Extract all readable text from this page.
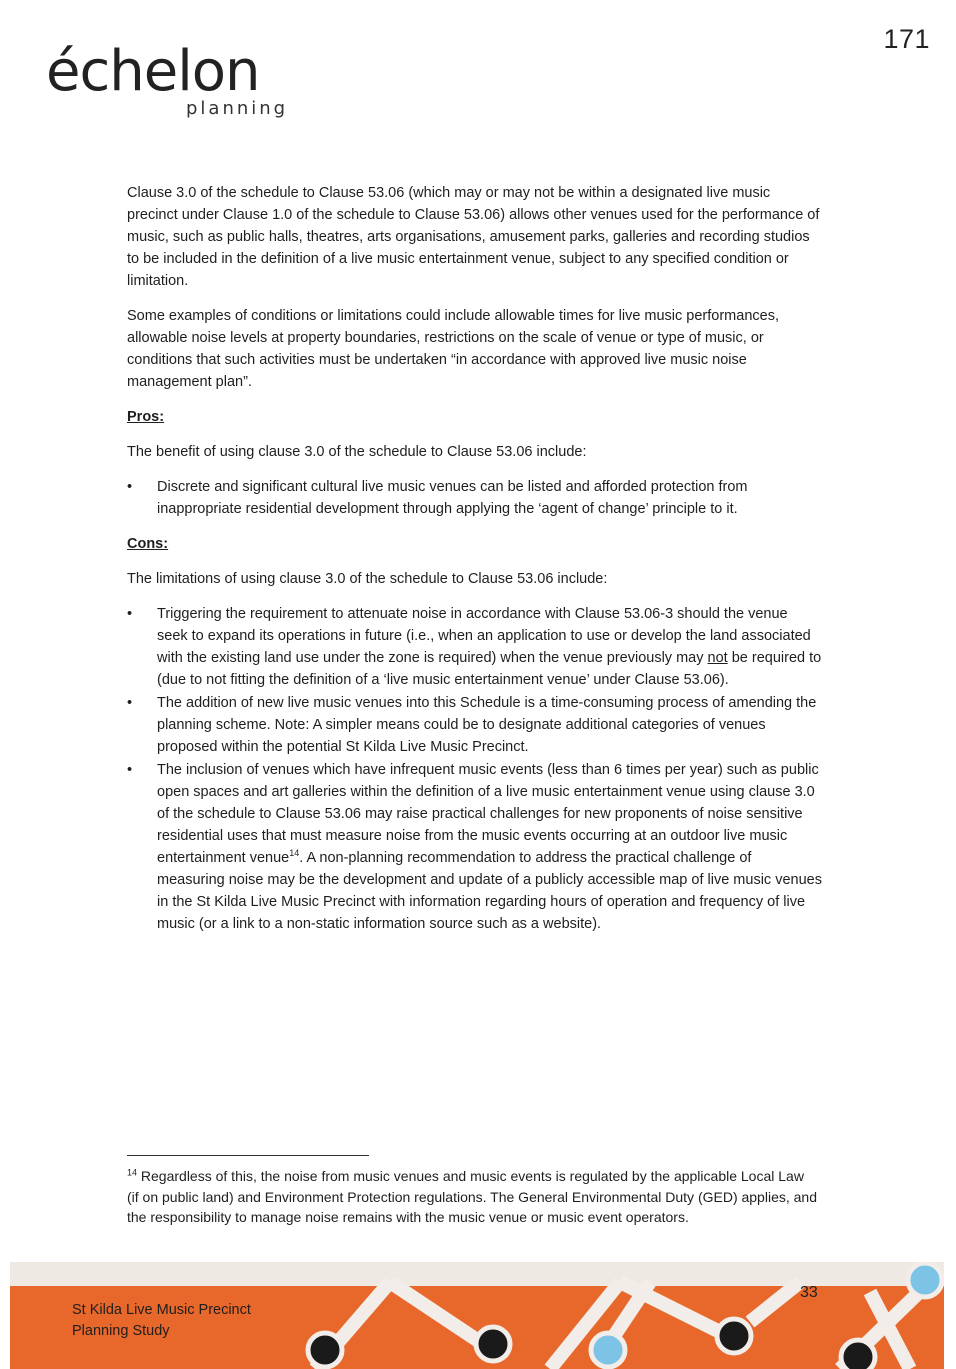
171
échelon
planning

Clause 3.0 of the schedule to Clause 53.06 (which may or may not be within a designated live music precinct under Clause 1.0 of the schedule to Clause 53.06) allows other venues used for the performance of music, such as public halls, theatres, arts organisations, amusement parks, galleries and recording studios to be included in the definition of a live music entertainment venue, subject to any specified condition or limitation.

Some examples of conditions or limitations could include allowable times for live music performances, allowable noise levels at property boundaries, restrictions on the scale of venue or type of music, or conditions that such activities must be undertaken “in accordance with approved live music noise management plan”.

Pros:

The benefit of using clause 3.0 of the schedule to Clause 53.06 include:

• Discrete and significant cultural live music venues can be listed and afforded protection from inappropriate residential development through applying the ‘agent of change’ principle to it.

Cons:

The limitations of using clause 3.0 of the schedule to Clause 53.06 include:

• Triggering the requirement to attenuate noise in accordance with Clause 53.06-3 should the venue seek to expand its operations in future (i.e., when an application to use or develop the land associated with the existing land use under the zone is required) when the venue previously may not be required to (due to not fitting the definition of a ‘live music entertainment venue’ under Clause 53.06).
• The addition of new live music venues into this Schedule is a time-consuming process of amending the planning scheme. Note: A simpler means could be to designate additional categories of venues proposed within the potential St Kilda Live Music Precinct.
• The inclusion of venues which have infrequent music events (less than 6 times per year) such as public open spaces and art galleries within the definition of a live music entertainment venue using clause 3.0 of the schedule to Clause 53.06 may raise practical challenges for new proponents of noise sensitive residential uses that must measure noise from the music events occurring at an outdoor live music entertainment venue$^{14}$. A non-planning recommendation to address the practical challenge of measuring noise may be the development and update of a publicly accessible map of live music venues in the St Kilda Live Music Precinct with information regarding hours of operation and frequency of live music (or a link to a non-static information source such as a website).
$^{14}$ Regardless of this, the noise from music venues and music events is regulated by the applicable Local Law (if on public land) and Environment Protection regulations. The General Environmental Duty (GED) applies, and the responsibility to manage noise remains with the music venue or music event operators.
St Kilda Live Music Precinct
Planning Study
33
